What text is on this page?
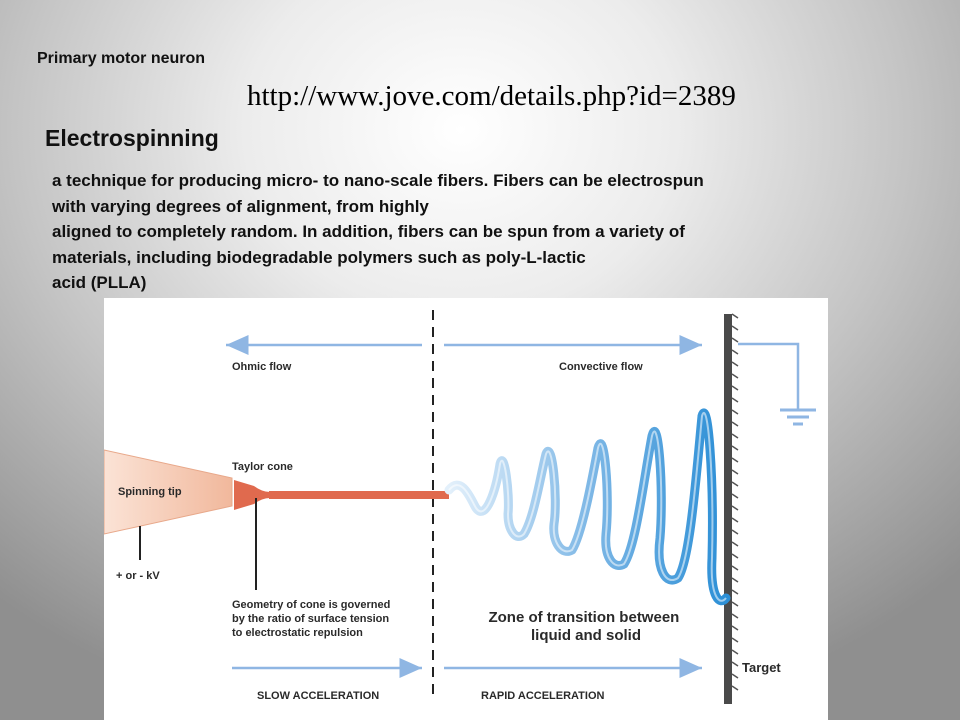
Primary motor neuron
http://www.jove.com/details.php?id=2389
Electrospinning
a technique for producing micro- to nano-scale fibers. Fibers can be electrospun
with varying degrees of alignment, from highly
aligned to completely random. In addition, fibers can be spun from a variety of
materials, including biodegradable polymers such as poly-L-lactic
acid (PLLA)
Ohmic flow	Convective flow
Spinning tip
Taylor cone
+ or - kV
Geometry of cone is governed by the ratio of surface tension to electrostatic repulsion
Zone of transition between liquid and solid
Target
SLOW ACCELERATION	RAPID ACCELERATION
